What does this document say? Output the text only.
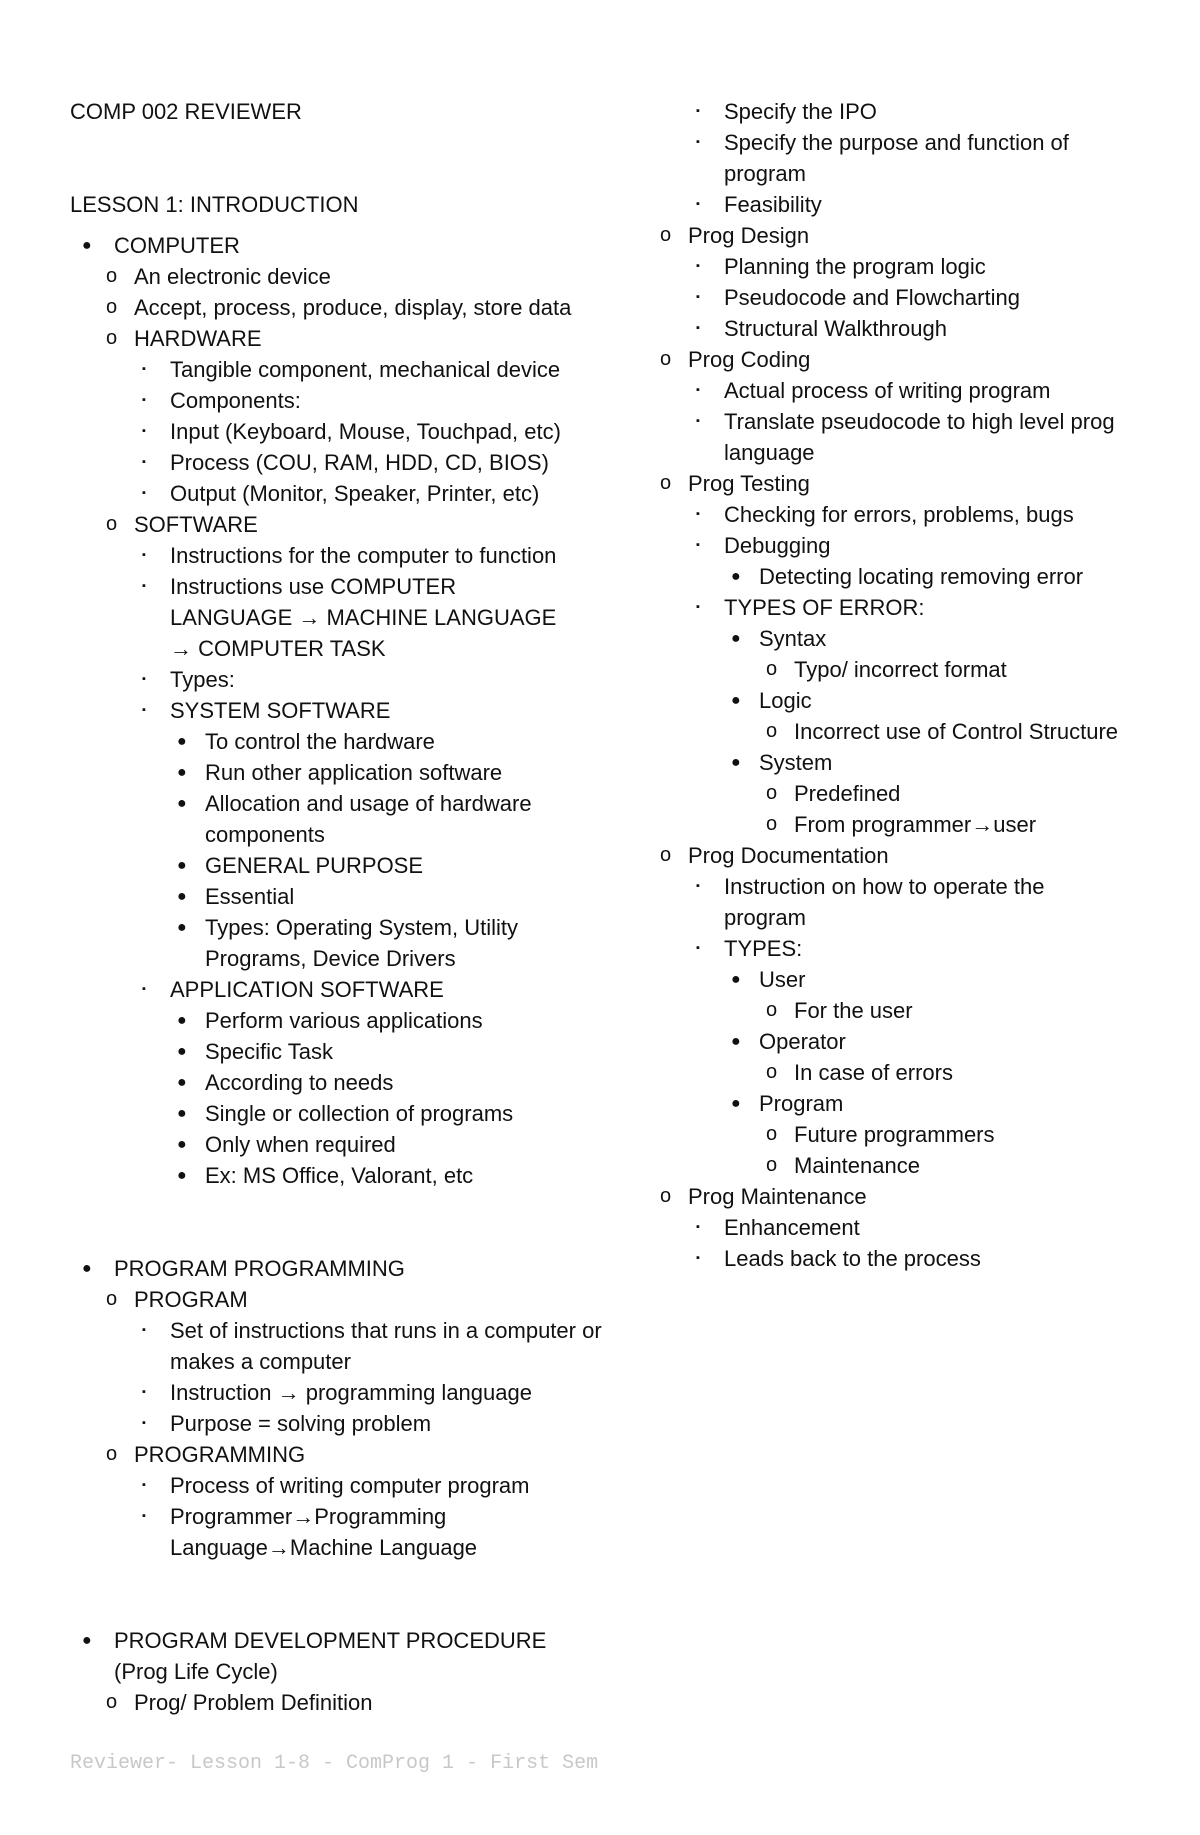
COMP 002 REVIEWER
LESSON 1: INTRODUCTION
● COMPUTER
o An electronic device
o Accept, process, produce, display, store data
o HARDWARE
▪ Tangible component, mechanical device
▪ Components:
▪ Input (Keyboard, Mouse, Touchpad, etc)
▪ Process (COU, RAM, HDD, CD, BIOS)
▪ Output (Monitor, Speaker, Printer, etc)
o SOFTWARE
▪ Instructions for the computer to function
▪ Instructions use COMPUTER LANGUAGE → MACHINE LANGUAGE → COMPUTER TASK
▪ Types:
▪ SYSTEM SOFTWARE
● To control the hardware
● Run other application software
● Allocation and usage of hardware components
● GENERAL PURPOSE
● Essential
● Types: Operating System, Utility Programs, Device Drivers
▪ APPLICATION SOFTWARE
● Perform various applications
● Specific Task
● According to needs
● Single or collection of programs
● Only when required
● Ex: MS Office, Valorant, etc
● PROGRAM PROGRAMMING
o PROGRAM
▪ Set of instructions that runs in a computer or makes a computer
▪ Instruction → programming language
▪ Purpose = solving problem
o PROGRAMMING
▪ Process of writing computer program
▪ Programmer→Programming Language→Machine Language
● PROGRAM DEVELOPMENT PROCEDURE (Prog Life Cycle)
o Prog/ Problem Definition
▪ Specify the IPO
▪ Specify the purpose and function of program
▪ Feasibility
o Prog Design
▪ Planning the program logic
▪ Pseudocode and Flowcharting
▪ Structural Walkthrough
o Prog Coding
▪ Actual process of writing program
▪ Translate pseudocode to high level prog language
o Prog Testing
▪ Checking for errors, problems, bugs
▪ Debugging
● Detecting locating removing error
▪ TYPES OF ERROR:
● Syntax
o Typo/ incorrect format
● Logic
o Incorrect use of Control Structure
● System
o Predefined
o From programmer→user
o Prog Documentation
▪ Instruction on how to operate the program
▪ TYPES:
● User
o For the user
● Operator
o In case of errors
● Program
o Future programmers
o Maintenance
o Prog Maintenance
▪ Enhancement
▪ Leads back to the process
Reviewer- Lesson 1-8 - ComProg 1 - First Sem
